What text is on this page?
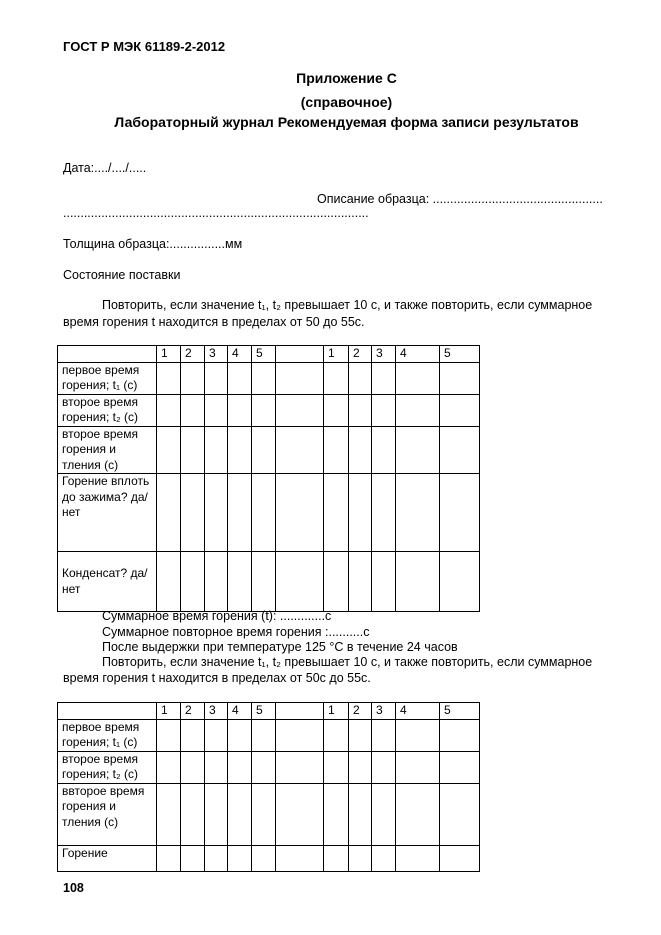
ГОСТ Р МЭК 61189-2-2012
Приложение С
(справочное)
Лабораторный журнал Рекомендуемая форма записи результатов
Дата:..../..../.....
Описание образца: .................................................
........................................................................................
Толщина образца:................мм
Состояние поставки
Повторить, если значение t₁, t₂ превышает 10 с, и также повторить, если суммарное
время горения t находится в пределах от 50 до 55с.
	1	2	3	4	5		1	2	3	4	5
первое время горения; t₁ (с)											
второе время горения; t₂ (с)											
второе время горения и тления (с)											
Горение вплоть до зажима? да/нет											
Конденсат? да/нет											
Суммарное время горения (t): .............с
Суммарное повторное время горения :..........с
После выдержки при температуре 125 °С в течение 24 часов
Повторить, если значение t₁, t₂ превышает 10 с, и также повторить, если суммарное
время горения t находится в пределах от 50с до 55с.
	1	2	3	4	5		1	2	3	4	5
первое время горения; t₁ (с)											
второе время горения; t₂ (с)											
ввторое время горения и тления (с)											
Горение											
108
